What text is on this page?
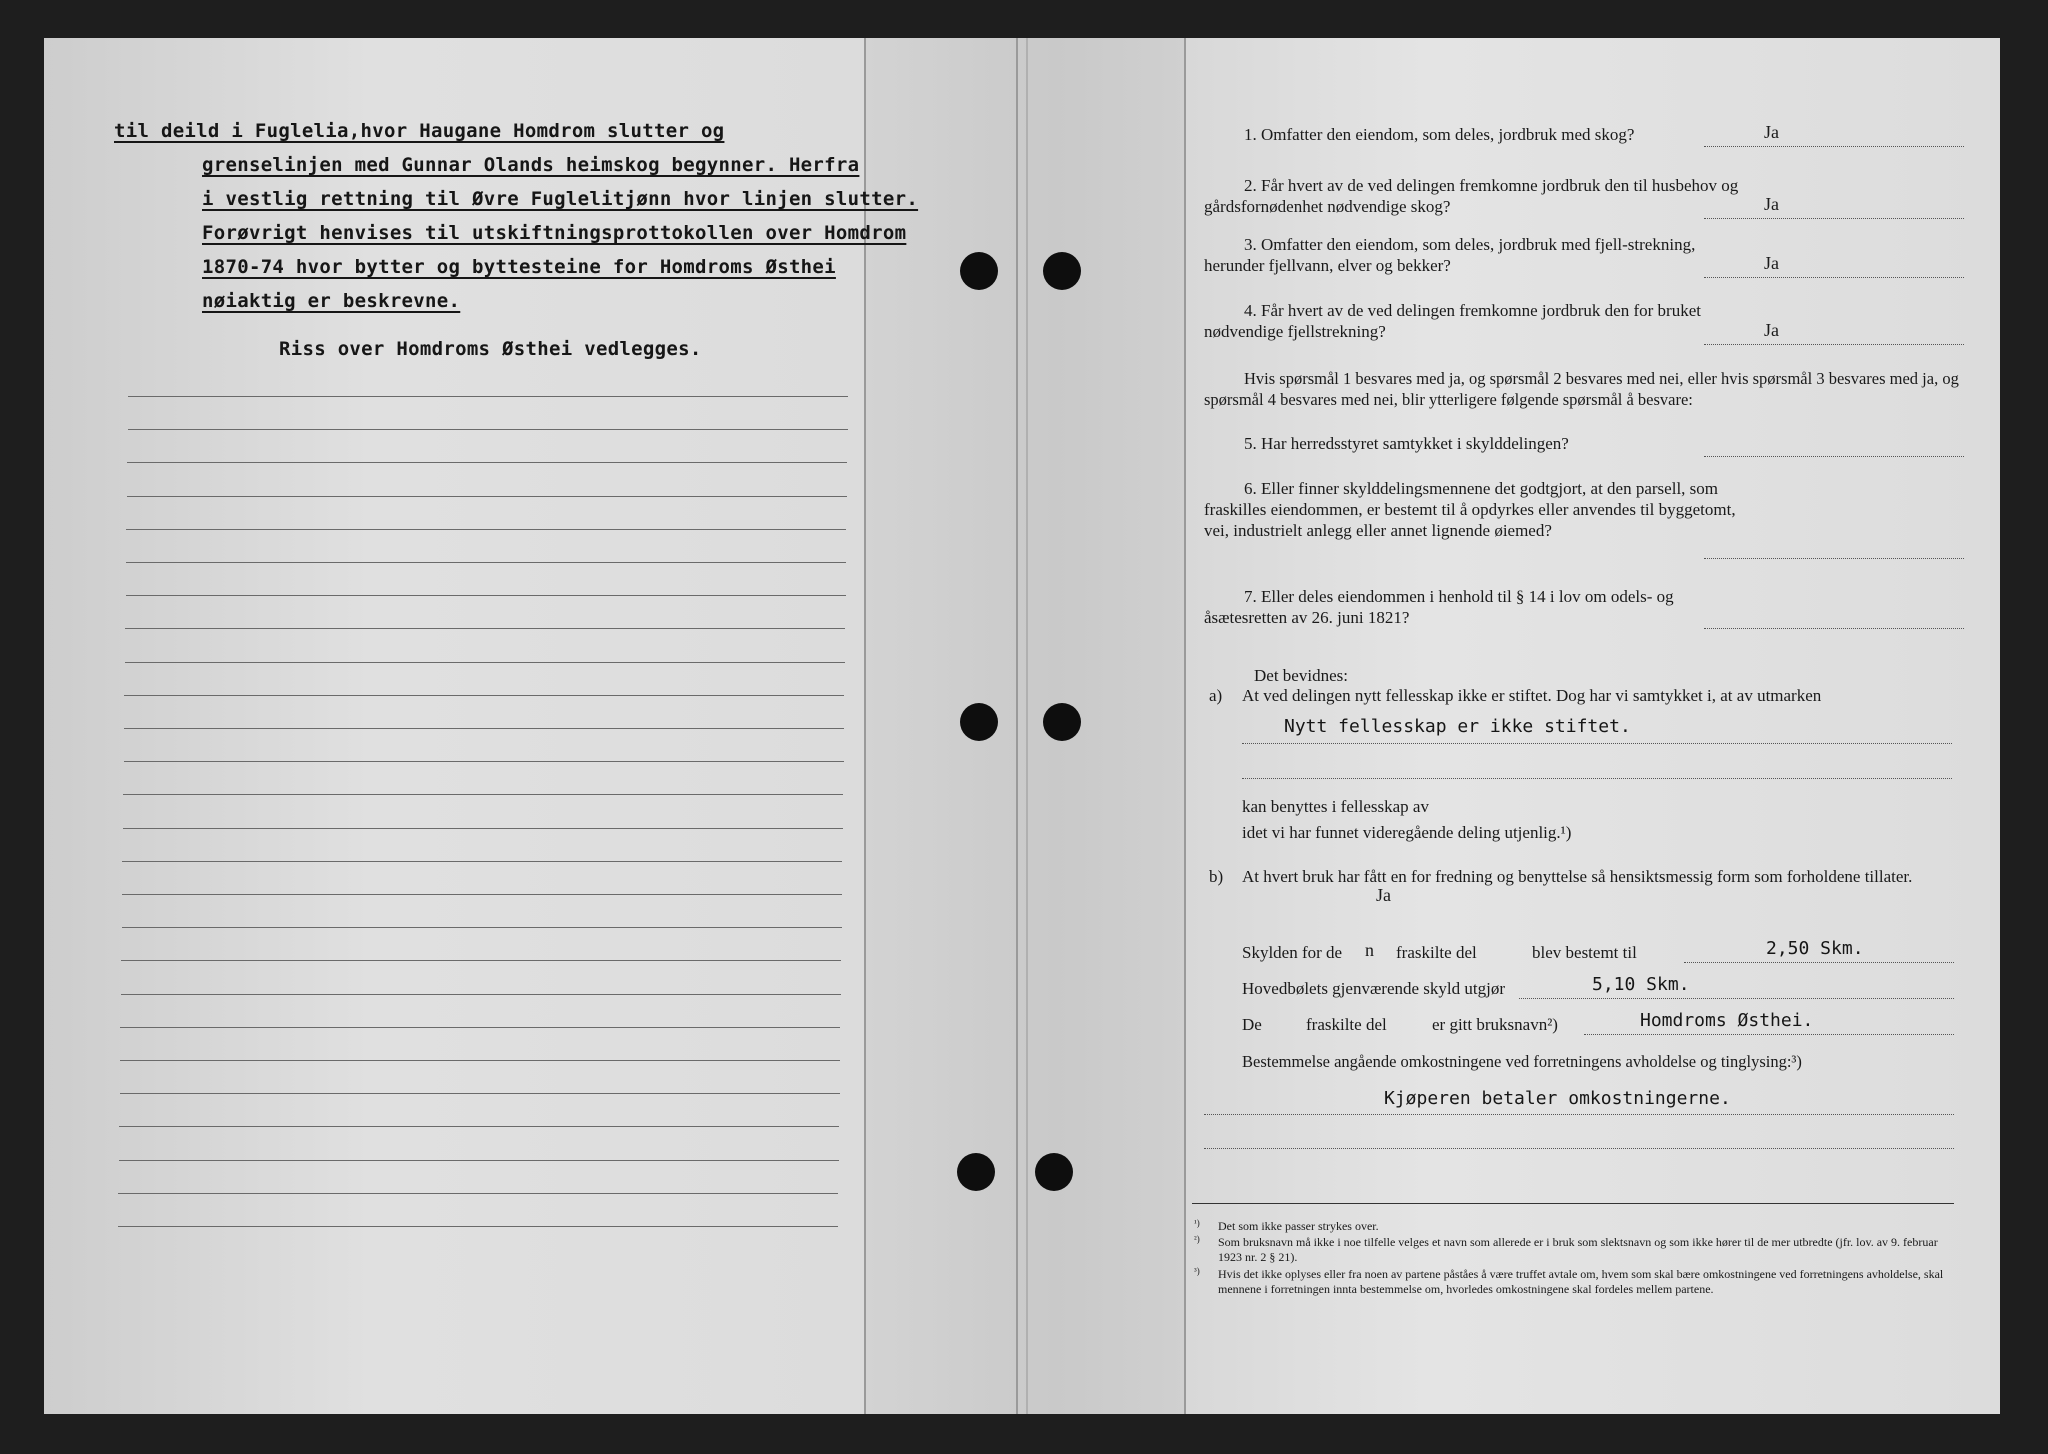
til deild i Fuglelia,hvor Haugane Homdrom slutter og
grenselinjen med Gunnar Olands heimskog begynner. Herfra
i vestlig rettning til Øvre Fuglelitjønn hvor linjen slutter.
Forøvrigt henvises til utskiftningsprottokollen over Homdrom
1870-74 hvor bytter og byttesteine for Homdroms Østhei
nøiaktig er beskrevne.
Riss over Homdroms Østhei vedlegges.
1. Omfatter den eiendom, som deles, jordbruk med skog?	Ja
2. Får hvert av de ved delingen fremkomne jordbruk den til husbehov og gårdsfornødenhet nødvendige skog?	Ja
3. Omfatter den eiendom, som deles, jordbruk med fjell-strekning, herunder fjellvann, elver og bekker?	Ja
4. Får hvert av de ved delingen fremkomne jordbruk den for bruket nødvendige fjellstrekning?	Ja
Hvis spørsmål 1 besvares med ja, og spørsmål 2 besvares med nei, eller hvis spørsmål 3 besvares med ja, og spørsmål 4 besvares med nei, blir ytterligere følgende spørsmål å besvare:
5. Har herredsstyret samtykket i skylddelingen?
6. Eller finner skylddelingsmennene det godtgjort, at den parsell, som fraskilles eiendommen, er bestemt til å opdyrkes eller anvendes til byggetomt, vei, industrielt anlegg eller annet lignende øiemed?
7. Eller deles eiendommen i henhold til § 14 i lov om odels- og åsætesretten av 26. juni 1821?
Det bevidnes:
a) At ved delingen nytt fellesskap ikke er stiftet. Dog har vi samtykket i, at av utmarken
Nytt fellesskap er ikke stiftet.
kan benyttes i fellesskap av
idet vi har funnet videregående deling utjenlig.¹)
b) At hvert bruk har fått en for fredning og benyttelse så hensiktsmessig form som forholdene tillater.
Ja
Skylden for de n fraskilte del	blev bestemt til	2,50 Skm.
Hovedbølets gjenværende skyld utgjør	5,10 Skm.
De	fraskilte del	er gitt bruksnavn²)	Homdroms Østhei.
Bestemmelse angående omkostningene ved forretningens avholdelse og tinglysing:³)
Kjøperen betaler omkostningerne.
¹) Det som ikke passer strykes over.
²) Som bruksnavn må ikke i noe tilfelle velges et navn som allerede er i bruk som slektsnavn og som ikke hører til de mer utbredte (jfr. lov. av 9. februar 1923 nr. 2 § 21).
³) Hvis det ikke oplyses eller fra noen av partene påståes å være truffet avtale om, hvem som skal bære omkostningene ved forretningens avholdelse, skal mennene i forretningen inntа bestemmelse om, hvorledes omkostningene skal fordeles mellem partene.
